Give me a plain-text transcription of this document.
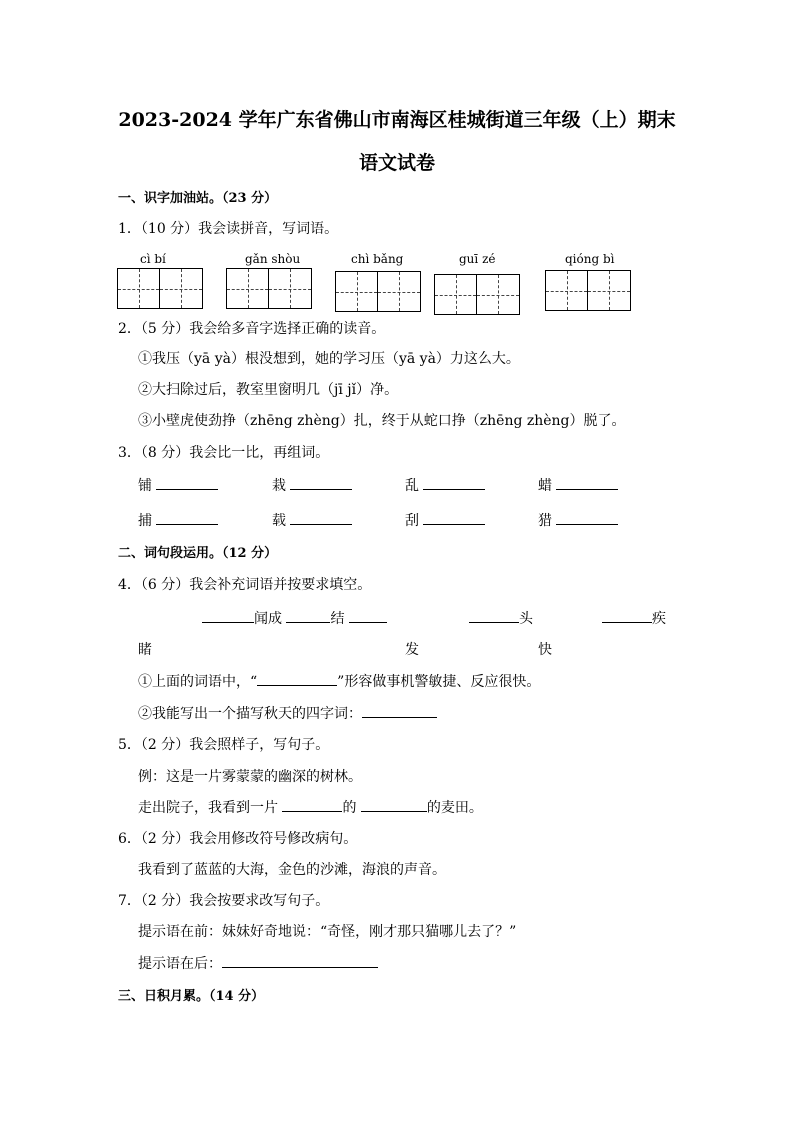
2023-2024 学年广东省佛山市南海区桂城街道三年级（上）期末
语文试卷
一、识字加油站。（23 分）
1．（10 分）我会读拼音，写词语。
cì bí	gǎn shòu	chì bǎng	guī zé	qióng bì
2．（5 分）我会给多音字选择正确的读音。
①我压（yā yà）根没想到，她的学习压（yā yà）力这么大。
②大扫除过后，教室里窗明几（jī jǐ）净。
③小壁虎使劲挣（zhēng zhèng）扎，终于从蛇口挣（zhēng zhèng）脱了。
3．（8 分）我会比一比，再组词。
铺	栽	乱	蜡
捕	载	刮	猎
二、词句段运用。（12 分）
4．（6 分）我会补充词语并按要求填空。
闻成	结	头	疾
睹	发	快
①上面的词语中，“	”形容做事机警敏捷、反应很快。
②我能写出一个描写秋天的四字词：
5．（2 分）我会照样子，写句子。
例：这是一片雾蒙蒙的幽深的树林。
走出院子，我看到一片	的	的麦田。
6．（2 分）我会用修改符号修改病句。
我看到了蓝蓝的大海，金色的沙滩，海浪的声音。
7．（2 分）我会按要求改写句子。
提示语在前：妹妹好奇地说：“奇怪，刚才那只猫哪儿去了？”
提示语在后：
三、日积月累。（14 分）
